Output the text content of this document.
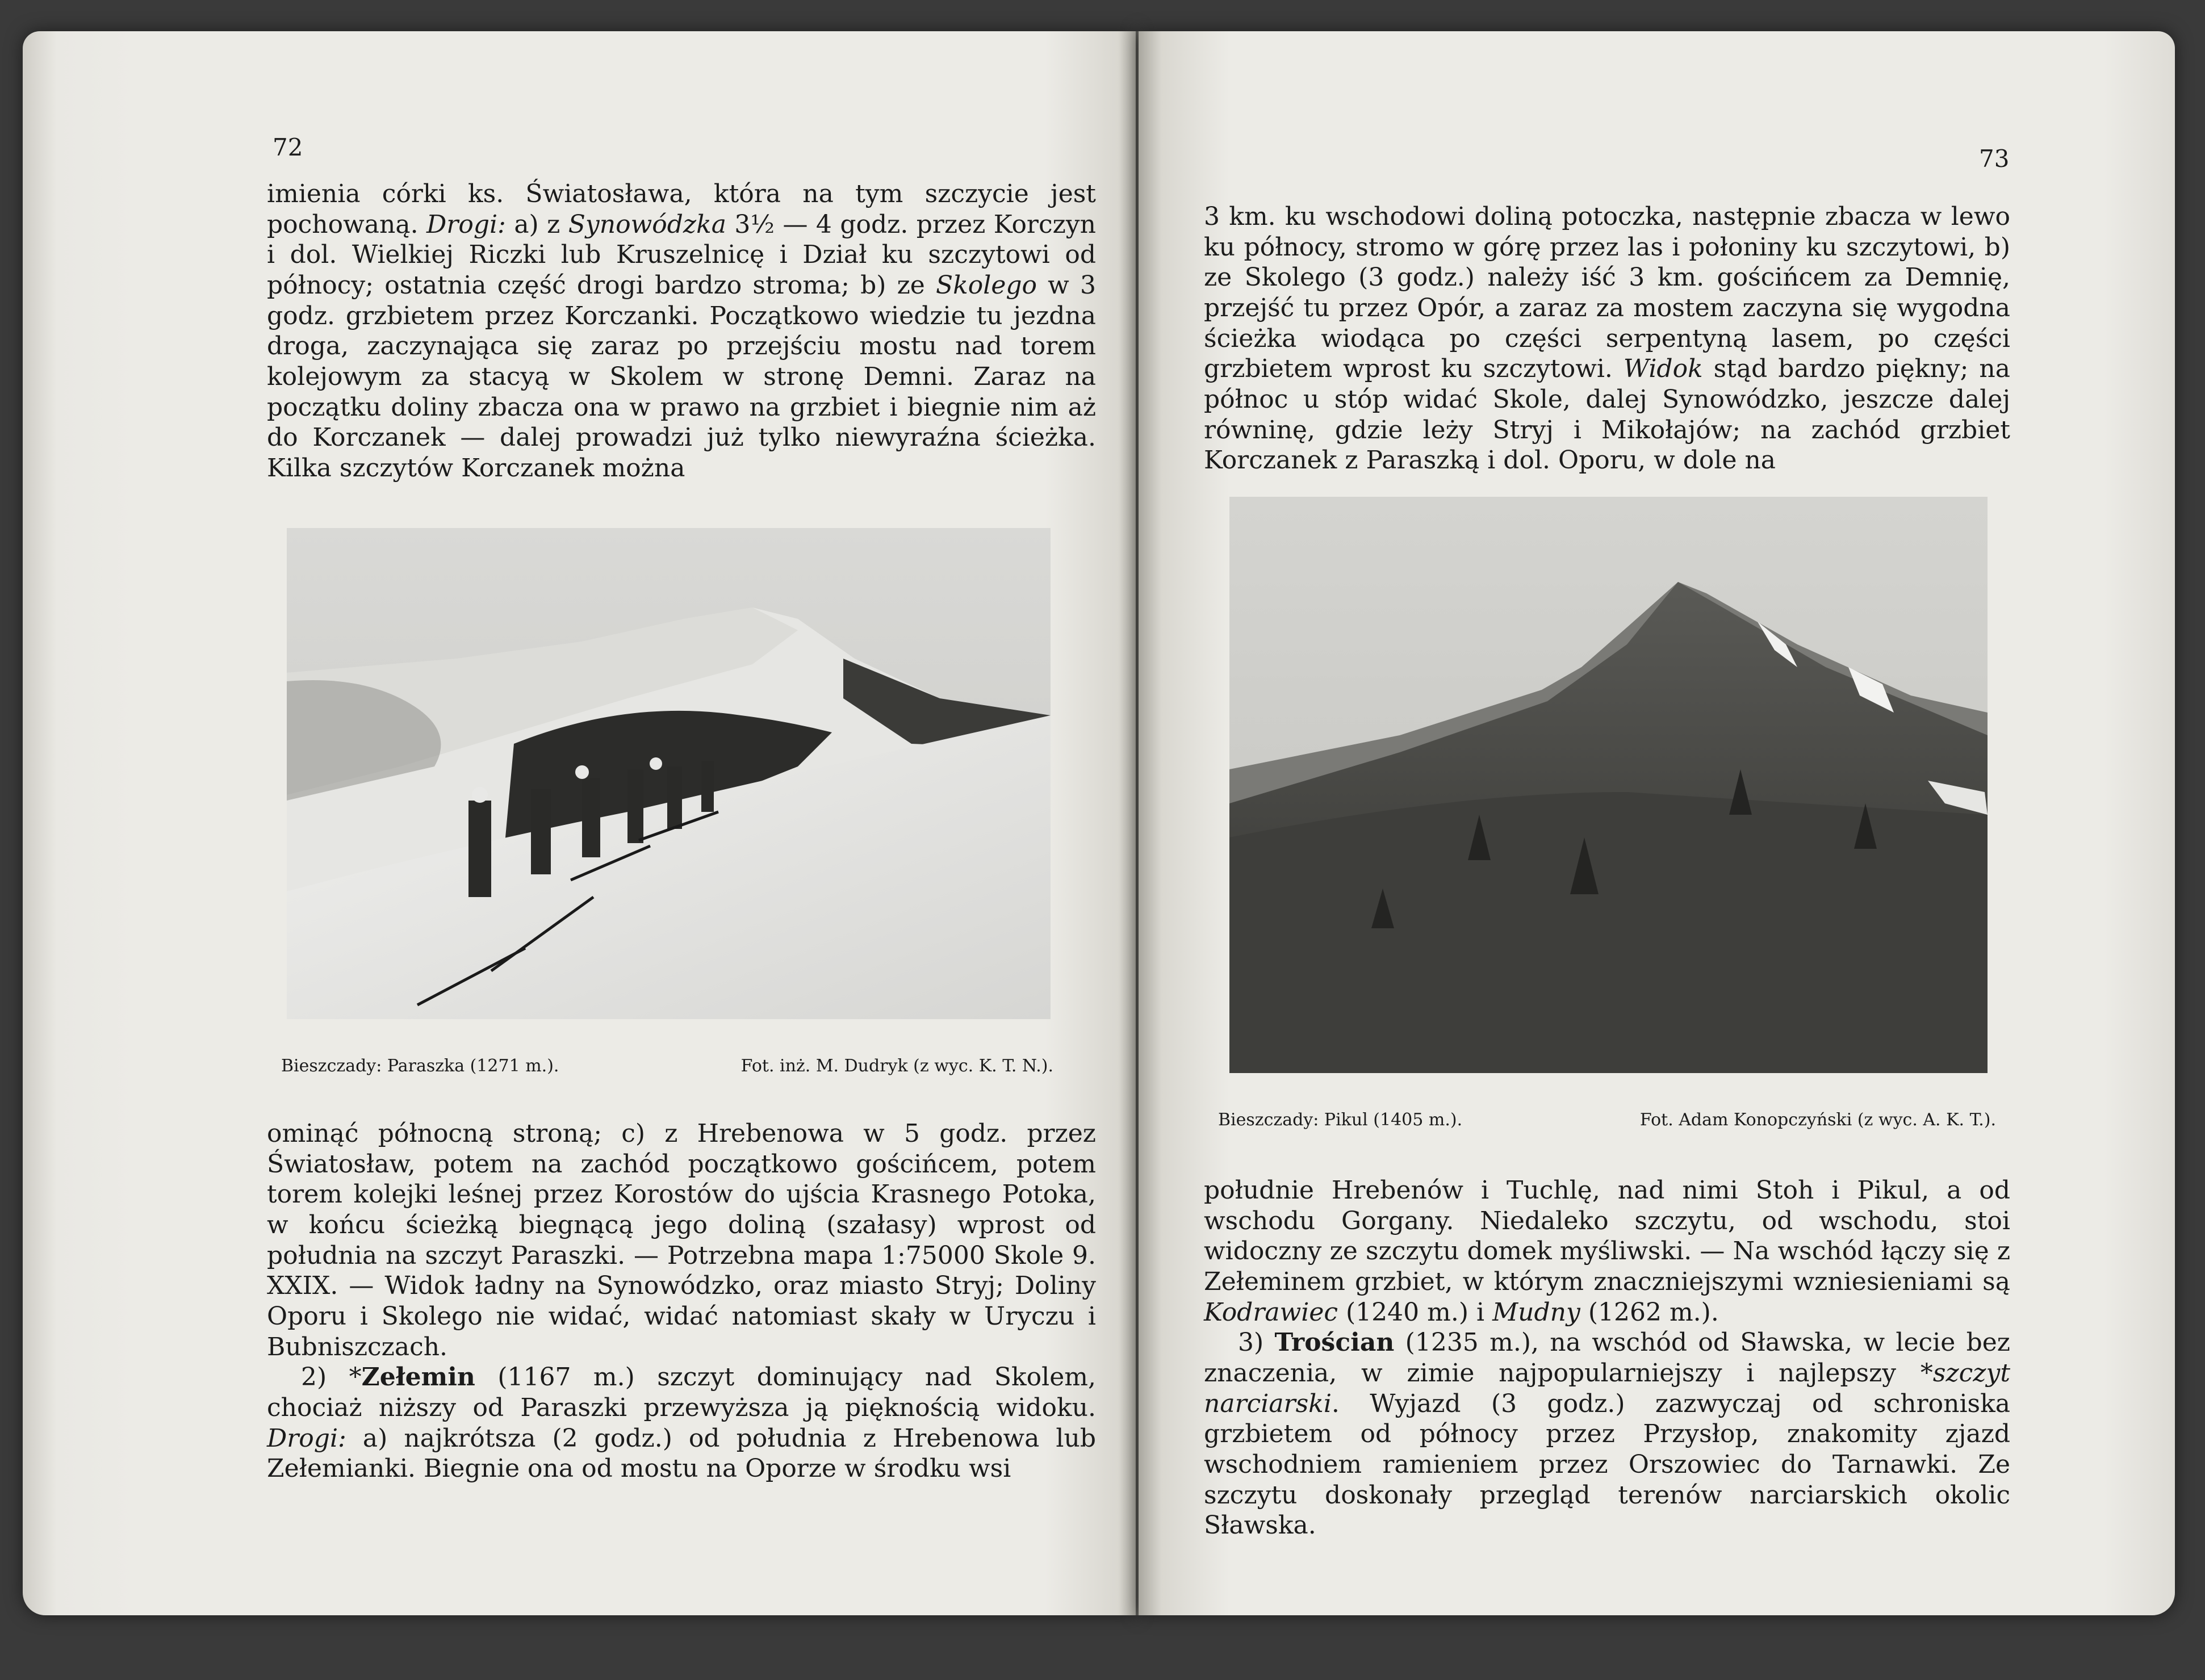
72

imienia córki ks. Światosława, która na tym szczycie jest pochowaną. Drogi: a) z Synowódzka 3½ — 4 godz. przez Korczyn i dol. Wielkiej Riczki lub Kruszelnicę i Dział ku szczytowi od północy; ostatnia część drogi bardzo stroma; b) ze Skolego w 3 godz. grzbietem przez Korczanki. Początkowo wiedzie tu jezdna droga, zaczynająca się zaraz po przejściu mostu nad torem kolejowym za stacyą w Skolem w stronę Demni. Zaraz na początku doliny zbacza ona w prawo na grzbiet i biegnie nim aż do Korczanek — dalej prowadzi już tylko niewyraźna ścieżka. Kilka szczytów Korczanek można

Bieszczady: Paraszka (1271 m.).	Fot. inż. M. Dudryk (z wyc. K. T. N.).

ominąć północną stroną; c) z Hrebenowa w 5 godz. przez Światosław, potem na zachód początkowo gościńcem, potem torem kolejki leśnej przez Korostów do ujścia Krasnego Potoka, w końcu ścieżką biegnącą jego doliną (szałasy) wprost od południa na szczyt Paraszki. — Potrzebna mapa 1:75000 Skole 9. XXIX. — Widok ładny na Synowódzko, oraz miasto Stryj; Doliny Oporu i Skolego nie widać, widać natomiast skały w Uryczu i Bubniszczach.

2) *Zełemin (1167 m.) szczyt dominujący nad Skolem, chociaż niższy od Paraszki przewyższa ją pięknością widoku. Drogi: a) najkrótsza (2 godz.) od południa z Hrebenowa lub Zełemianki. Biegnie ona od mostu na Oporze w środku wsi

73

3 km. ku wschodowi doliną potoczka, następnie zbacza w lewo ku północy, stromo w górę przez las i połoniny ku szczytowi, b) ze Skolego (3 godz.) należy iść 3 km. gościńcem za Demnię, przejść tu przez Opór, a zaraz za mostem zaczyna się wygodna ścieżka wiodąca po części serpentyną lasem, po części grzbietem wprost ku szczytowi. Widok stąd bardzo piękny; na północ u stóp widać Skole, dalej Synowódzko, jeszcze dalej równinę, gdzie leży Stryj i Mikołajów; na zachód grzbiet Korczanek z Paraszką i dol. Oporu, w dole na

Bieszczady: Pikul (1405 m.).	Fot. Adam Konopczyński (z wyc. A. K. T.).

południe Hrebenów i Tuchlę, nad nimi Stoh i Pikul, a od wschodu Gorgany. Niedaleko szczytu, od wschodu, stoi widoczny ze szczytu domek myśliwski. — Na wschód łączy się z Zełeminem grzbiet, w którym znaczniejszymi wzniesieniami są Kodrawiec (1240 m.) i Mudny (1262 m.).

3) Trościan (1235 m.), na wschód od Sławska, w lecie bez znaczenia, w zimie najpopularniejszy i najlepszy *szczyt narciarski. Wyjazd (3 godz.) zazwyczaj od schroniska grzbietem od północy przez Przysłop, znakomity zjazd wschodniem ramieniem przez Orszowiec do Tarnawki. Ze szczytu doskonały przegląd terenów narciarskich okolic Sławska.
